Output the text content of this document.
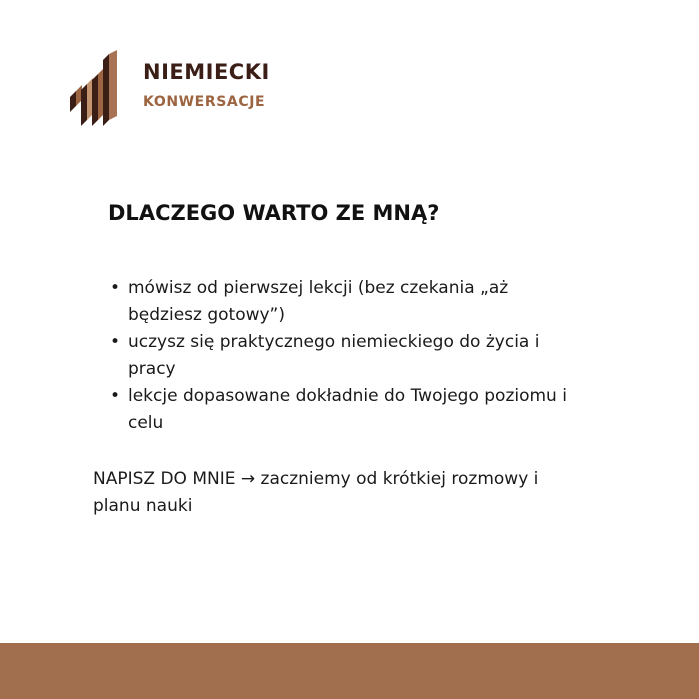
NIEMIECKI
KONWERSACJE
DLACZEGO WARTO ZE MNĄ?
• mówisz od pierwszej lekcji (bez czekania „aż będziesz gotowy”)
• uczysz się praktycznego niemieckiego do życia i pracy
• lekcje dopasowane dokładnie do Twojego poziomu i celu

NAPISZ DO MNIE → zaczniemy od krótkiej rozmowy i planu nauki
